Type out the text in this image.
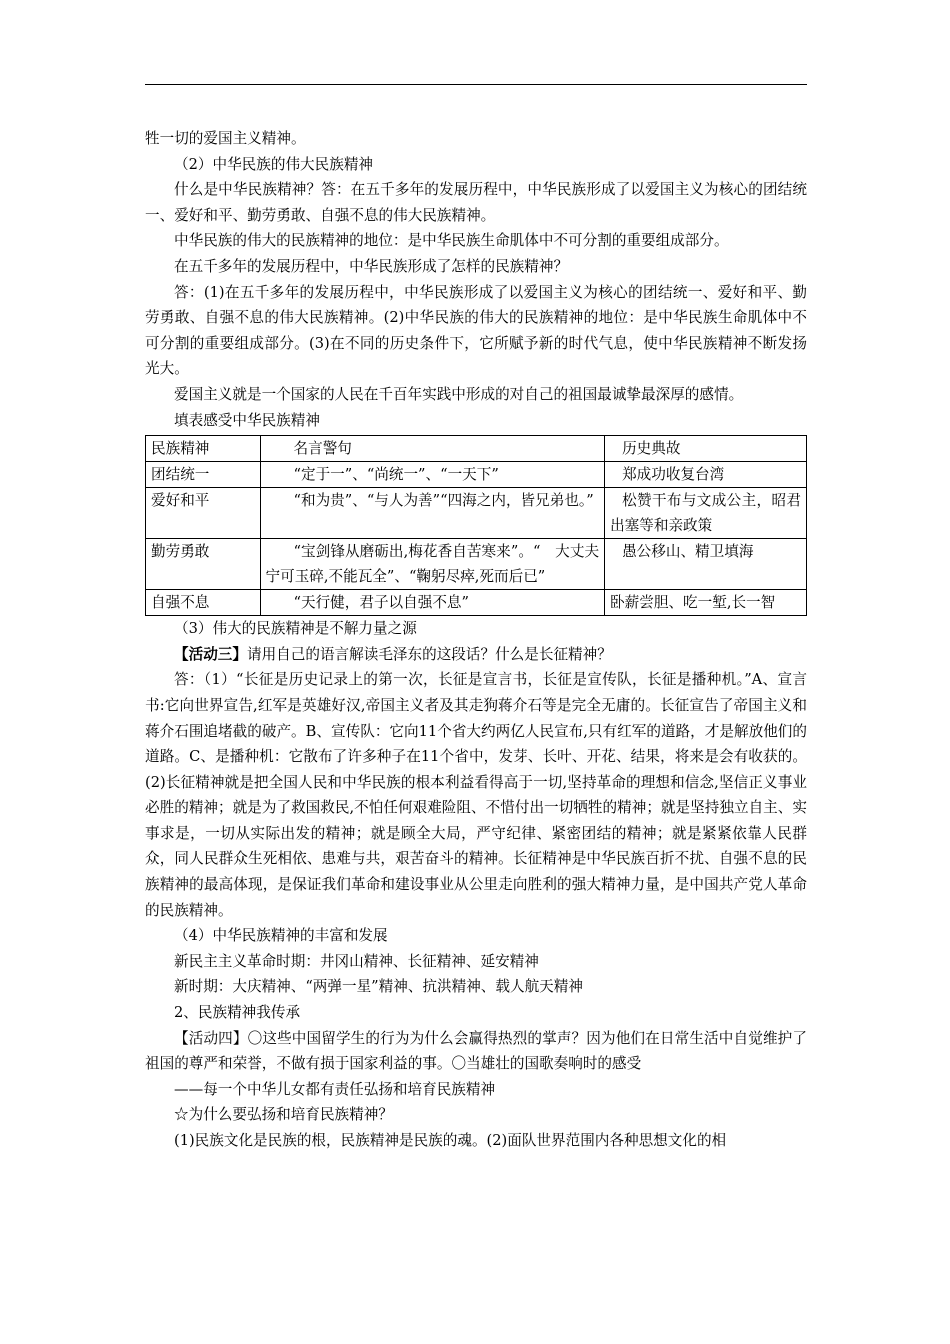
牲一切的爱国主义精神。

（2）中华民族的伟大民族精神

什么是中华民族精神？答：在五千多年的发展历程中，中华民族形成了以爱国主义为核心的团结统一、爱好和平、勤劳勇敢、自强不息的伟大民族精神。

中华民族的伟大的民族精神的地位：是中华民族生命肌体中不可分割的重要组成部分。

在五千多年的发展历程中，中华民族形成了怎样的民族精神？

答：(1)在五千多年的发展历程中，中华民族形成了以爱国主义为核心的团结统一、爱好和平、勤劳勇敢、自强不息的伟大民族精神。(2)中华民族的伟大的民族精神的地位：是中华民族生命肌体中不可分割的重要组成部分。(3)在不同的历史条件下，它所赋予新的时代气息，使中华民族精神不断发扬光大。

爱国主义就是一个国家的人民在千百年实践中形成的对自己的祖国最诚挚最深厚的感情。

填表感受中华民族精神

民族精神	名言警句	历史典故
团结统一	“定于一”、“尚统一”、“一天下”	郑成功收复台湾
爱好和平	“和为贵”、“与人为善”“四海之内，皆兄弟也。”	松赞干布与文成公主，昭君出塞等和亲政策
勤劳勇敢	“宝剑锋从磨砺出,梅花香自苦寒来”。“　大丈夫宁可玉碎,不能瓦全”、“鞠躬尽瘁,死而后已”	愚公移山、精卫填海
自强不息	“天行健，君子以自强不息”	卧薪尝胆、吃一堑,长一智

（3）伟大的民族精神是不解力量之源

【活动三】请用自己的语言解读毛泽东的这段话？什么是长征精神？

答：（1）“长征是历史记录上的第一次，长征是宣言书，长征是宣传队，长征是播种机。”A、宣言书:它向世界宣告,红军是英雄好汉,帝国主义者及其走狗蒋介石等是完全无庸的。长征宣告了帝国主义和蒋介石围追堵截的破产。B、宣传队：它向11个省大约两亿人民宣布,只有红军的道路，才是解放他们的道路。C、是播种机：它散布了许多种子在11个省中，发芽、长叶、开花、结果，将来是会有收获的。(2)长征精神就是把全国人民和中华民族的根本利益看得高于一切,坚持革命的理想和信念,坚信正义事业必胜的精神；就是为了救国救民,不怕任何艰难险阻、不惜付出一切牺牲的精神；就是坚持独立自主、实事求是，一切从实际出发的精神；就是顾全大局，严守纪律、紧密团结的精神；就是紧紧依靠人民群众，同人民群众生死相依、患难与共，艰苦奋斗的精神。长征精神是中华民族百折不扰、自强不息的民族精神的最高体现，是保证我们革命和建设事业从公里走向胜利的强大精神力量，是中国共产党人革命的民族精神。

（4）中华民族精神的丰富和发展

新民主主义革命时期：井冈山精神、长征精神、延安精神

新时期：大庆精神、“两弹一星”精神、抗洪精神、载人航天精神

2、民族精神我传承

【活动四】〇这些中国留学生的行为为什么会赢得热烈的掌声？因为他们在日常生活中自觉维护了祖国的尊严和荣誉，不做有损于国家利益的事。〇当雄壮的国歌奏响时的感受

——每一个中华儿女都有责任弘扬和培育民族精神

☆为什么要弘扬和培育民族精神？

(1)民族文化是民族的根，民族精神是民族的魂。(2)面队世界范围内各种思想文化的相
